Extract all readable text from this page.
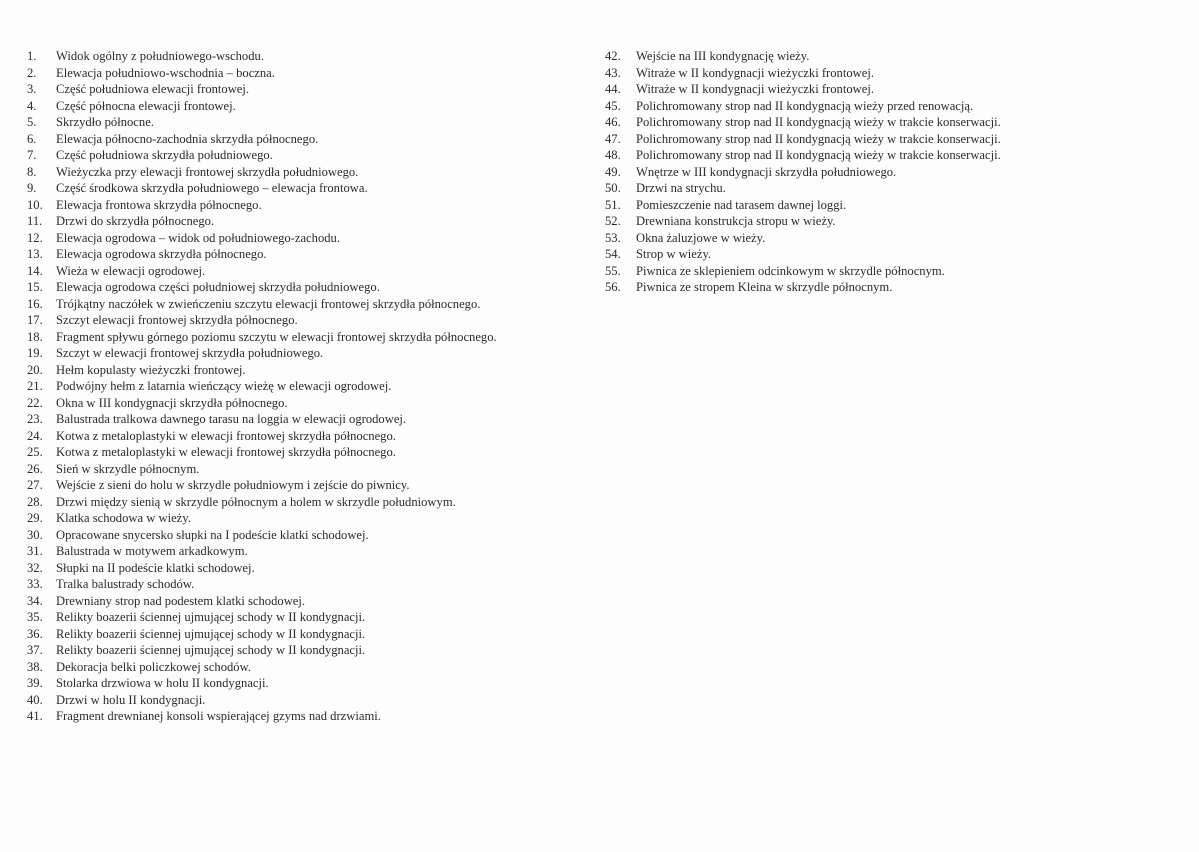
1.	Widok ogólny z południowego-wschodu.
2.	Elewacja południowo-wschodnia – boczna.
3.	Część południowa elewacji frontowej.
4.	Część północna elewacji frontowej.
5.	Skrzydło północne.
6.	Elewacja północno-zachodnia skrzydła północnego.
7.	Część południowa skrzydła południowego.
8.	Wieżyczka przy elewacji frontowej skrzydła południowego.
9.	Część środkowa skrzydła południowego – elewacja frontowa.
10.	Elewacja frontowa skrzydła północnego.
11.	Drzwi do skrzydła północnego.
12.	Elewacja ogrodowa – widok od południowego-zachodu.
13.	Elewacja ogrodowa skrzydła północnego.
14.	Wieża w elewacji ogrodowej.
15.	Elewacja ogrodowa części południowej skrzydła południowego.
16.	Trójkątny naczółek w zwieńczeniu szczytu elewacji frontowej skrzydła północnego.
17.	Szczyt elewacji frontowej skrzydła północnego.
18.	Fragment spływu górnego poziomu szczytu w elewacji frontowej skrzydła północnego.
19.	Szczyt w elewacji frontowej skrzydła południowego.
20.	Hełm kopulasty wieżyczki frontowej.
21.	Podwójny hełm z latarnia wieńczący wieżę w elewacji ogrodowej.
22.	Okna w III kondygnacji skrzydła północnego.
23.	Balustrada tralkowa dawnego tarasu na loggia w elewacji ogrodowej.
24.	Kotwa z metaloplastyki w elewacji frontowej skrzydła północnego.
25.	Kotwa z metaloplastyki w elewacji frontowej skrzydła północnego.
26.	Sień w skrzydle północnym.
27.	Wejście z sieni do holu w skrzydle południowym i zejście do piwnicy.
28.	Drzwi między sienią w skrzydle północnym a holem w skrzydle południowym.
29.	Klatka schodowa w wieży.
30.	Opracowane snycersko słupki na I podeście klatki schodowej.
31.	Balustrada w motywem arkadkowym.
32.	Słupki na II podeście klatki schodowej.
33.	Tralka balustrady schodów.
34.	Drewniany strop nad podestem klatki schodowej.
35.	Relikty boazerii ściennej ujmującej schody w II kondygnacji.
36.	Relikty boazerii ściennej ujmującej schody w II kondygnacji.
37.	Relikty boazerii ściennej ujmującej schody w II kondygnacji.
38.	Dekoracja belki policzkowej schodów.
39.	Stolarka drzwiowa w holu II kondygnacji.
40.	Drzwi w holu II kondygnacji.
41.	Fragment drewnianej konsoli wspierającej gzyms nad drzwiami.
42.	Wejście na III kondygnację wieży.
43.	Witraże w II kondygnacji wieżyczki frontowej.
44.	Witraże w II kondygnacji wieżyczki frontowej.
45.	Polichromowany strop nad II kondygnacją wieży przed renowacją.
46.	Polichromowany strop nad II kondygnacją wieży w trakcie konserwacji.
47.	Polichromowany strop nad II kondygnacją wieży w trakcie konserwacji.
48.	Polichromowany strop nad II kondygnacją wieży w trakcie konserwacji.
49.	Wnętrze w III kondygnacji skrzydła południowego.
50.	Drzwi na strychu.
51.	Pomieszczenie nad tarasem dawnej loggi.
52.	Drewniana konstrukcja stropu w wieży.
53.	Okna żaluzjowe w wieży.
54.	Strop w wieży.
55.	Piwnica ze sklepieniem odcinkowym w skrzydle północnym.
56.	Piwnica ze stropem Kleina w skrzydle północnym.
